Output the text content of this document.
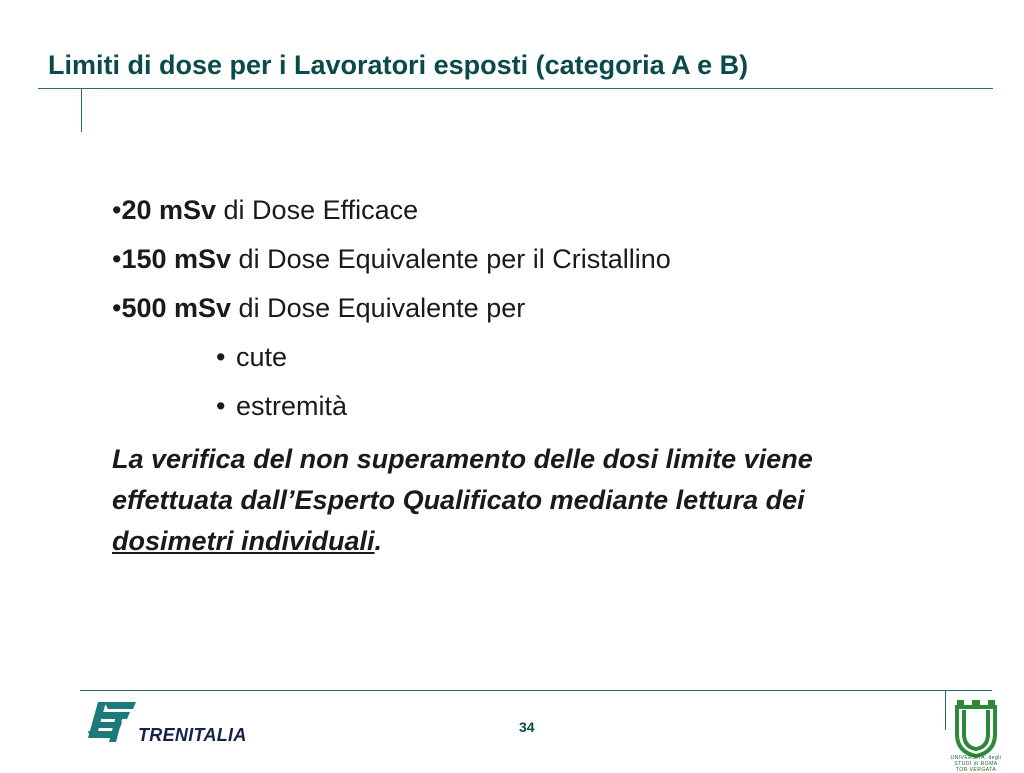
Limiti di dose per i Lavoratori esposti (categoria A e B)
•20 mSv di Dose Efficace
•150 mSv di Dose Equivalente per il Cristallino
•500 mSv di Dose Equivalente per
• cute
• estremità
La verifica del non superamento delle dosi limite viene effettuata dall’Esperto Qualificato mediante lettura dei dosimetri individuali.
TRENITALIA	34
UNIVERSITA' degli STUDI di ROMA TOR VERGATA
